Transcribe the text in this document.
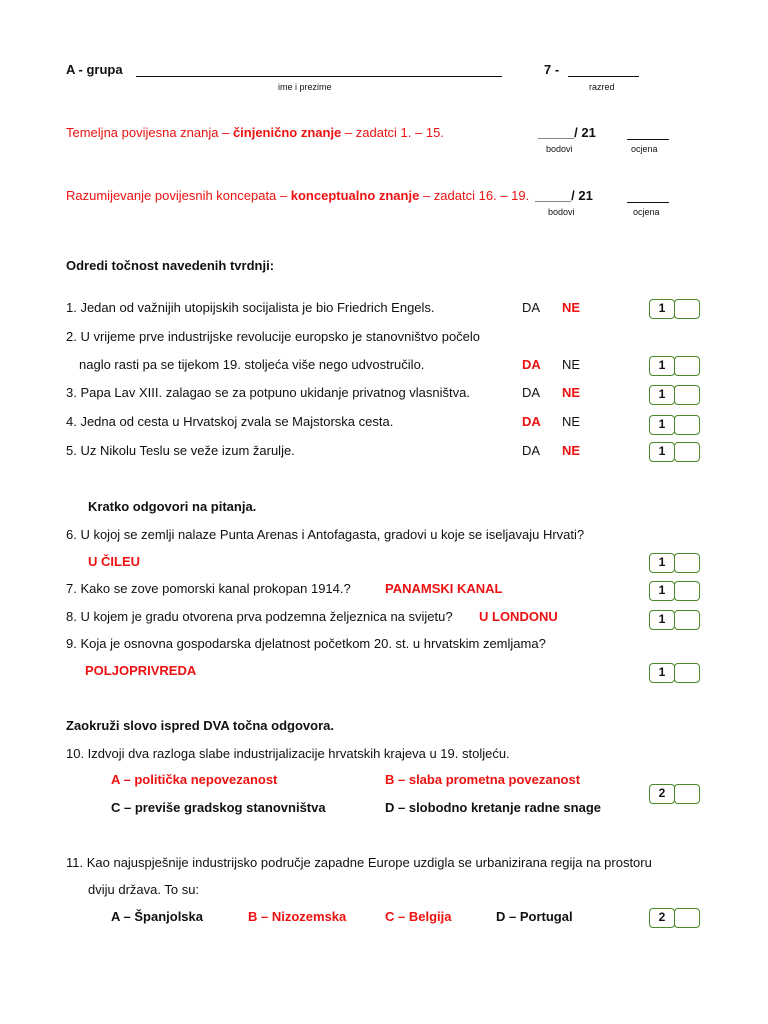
A - grupa
ime i prezime
7 -
razred
Temeljna povijesna znanja – činjenično znanje – zadatci 1. – 15.	_____/ 21
bodovi	ocjena
Razumijevanje povijesnih koncepata – konceptualno znanje – zadatci 16. – 19. _____/ 21
bodovi	ocjena
Odredi točnost navedenih tvrdnji:
1. Jedan od važnijih utopijskih socijalista je bio Friedrich Engels.	DA NE	1
2. U vrijeme prve industrijske revolucije europsko je stanovništvo počelo
naglo rasti pa se tijekom 19. stoljeća više nego udvostručilo.	DA NE	1
3. Papa Lav XIII. zalagao se za potpuno ukidanje privatnog vlasništva.	DA NE	1
4. Jedna od cesta u Hrvatskoj zvala se Majstorska cesta.	DA NE	1
5. Uz Nikolu Teslu se veže izum žarulje.	DA NE	1
Kratko odgovori na pitanja.
6. U kojoj se zemlji nalaze Punta Arenas i Antofagasta, gradovi u koje se iseljavaju Hrvati?
U ČILEU	1
7. Kako se zove pomorski kanal prokopan 1914.?	PANAMSKI KANAL	1
8. U kojem je gradu otvorena prva podzemna željeznica na svijetu? U LONDONU	1
9. Koja je osnovna gospodarska djelatnost početkom 20. st. u hrvatskim zemljama?
POLJOPRIVREDA	1
Zaokruži slovo ispred DVA točna odgovora.
10. Izdvoji dva razloga slabe industrijalizacije hrvatskih krajeva u 19. stoljeću.
A – politička nepovezanost	B – slaba prometna povezanost
C – previše gradskog stanovništva	D – slobodno kretanje radne snage
2
11. Kao najuspješnije industrijsko područje zapadne Europe uzdigla se urbanizirana regija na prostoru
dviju država. To su:
A – Španjolska	B – Nizozemska	C – Belgija	D – Portugal	2
